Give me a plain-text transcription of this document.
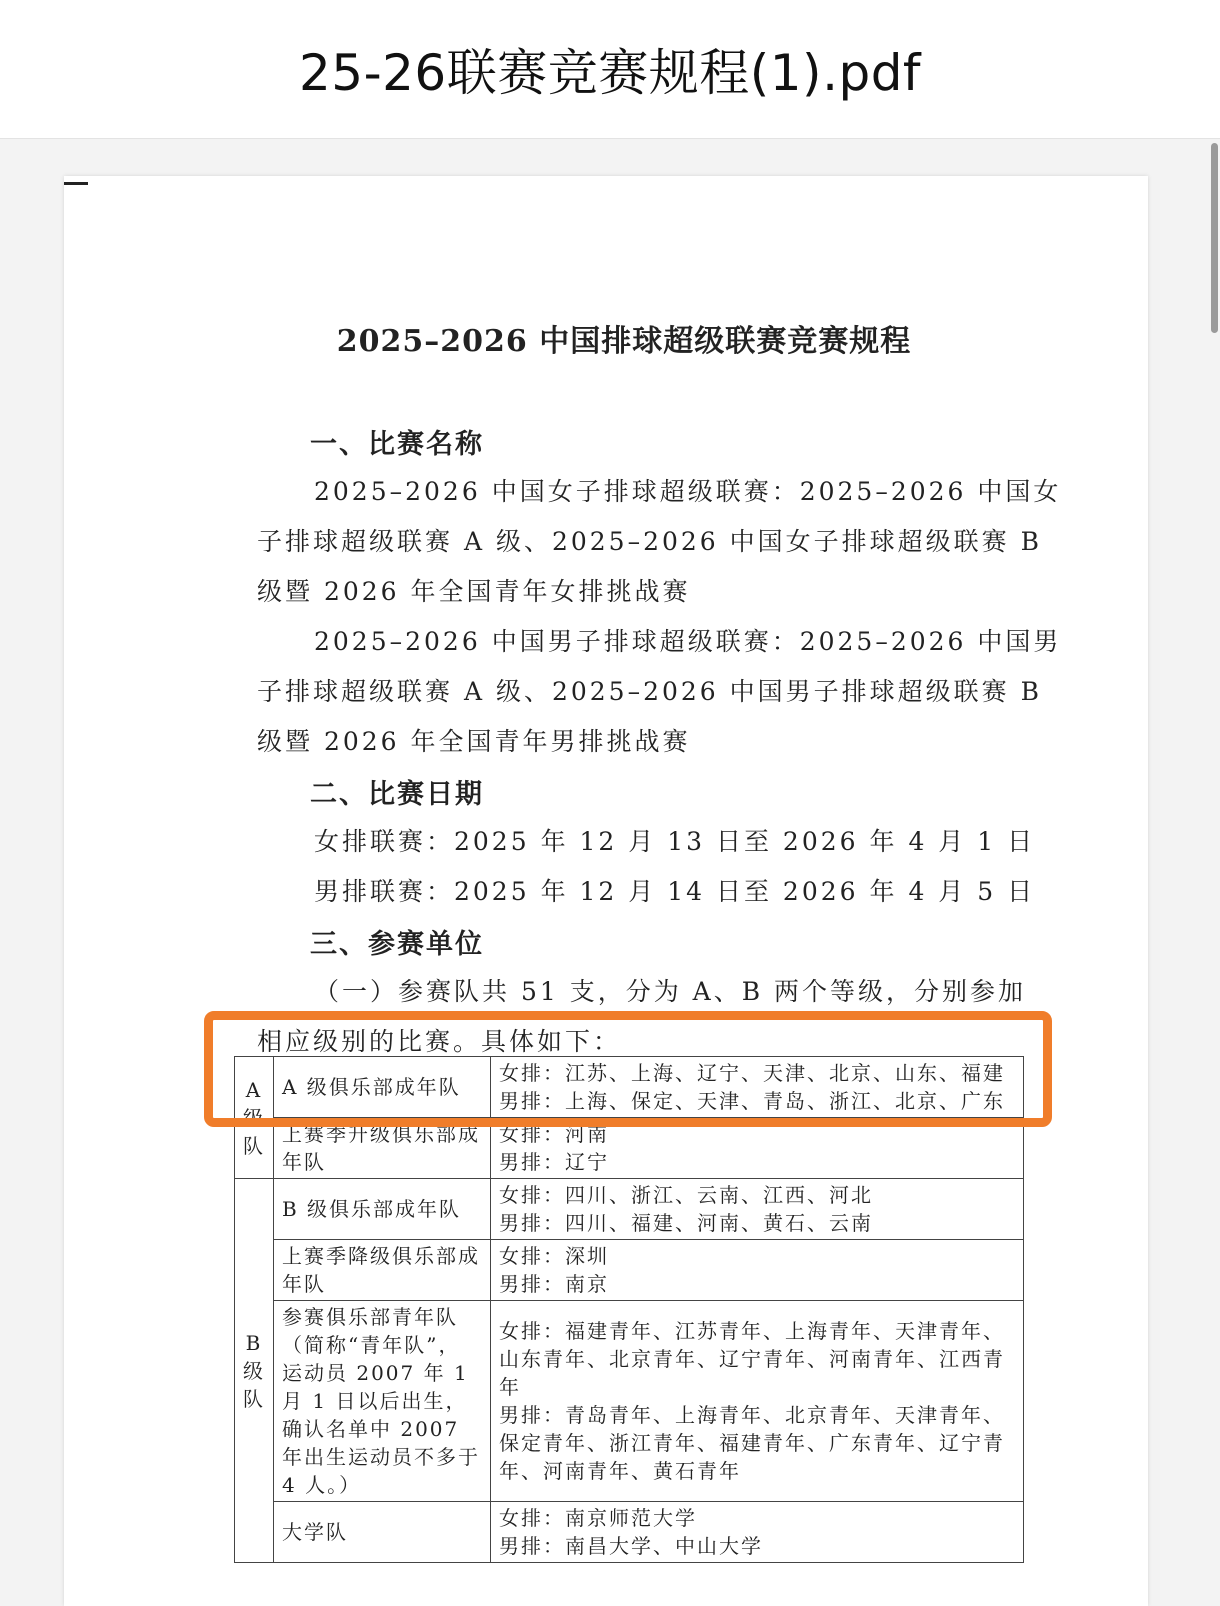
25-26联赛竞赛规程(1).pdf
2025–2026 中国排球超级联赛竞赛规程
一、比赛名称
2025–2026 中国女子排球超级联赛：2025–2026 中国女
子排球超级联赛 A 级、2025–2026 中国女子排球超级联赛 B
级暨 2026 年全国青年女排挑战赛
2025–2026 中国男子排球超级联赛：2025–2026 中国男
子排球超级联赛 A 级、2025–2026 中国男子排球超级联赛 B
级暨 2026 年全国青年男排挑战赛
二、比赛日期
女排联赛：2025 年 12 月 13 日至 2026 年 4 月 1 日
男排联赛：2025 年 12 月 14 日至 2026 年 4 月 5 日
三、参赛单位
（一）参赛队共 51 支，分为 A、B 两个等级，分别参加
相应级别的比赛。具体如下：
A级队	A 级俱乐部成年队	女排：江苏、上海、辽宁、天津、北京、山东、福建
男排：上海、保定、天津、青岛、浙江、北京、广东

	上赛季升级俱乐部成年队	女排：河南
男排：辽宁

B级队	B 级俱乐部成年队	女排：四川、浙江、云南、江西、河北
男排：四川、福建、河南、黄石、云南

	上赛季降级俱乐部成年队	女排：深圳
男排：南京

	参赛俱乐部青年队（简称“青年队”，运动员 2007 年 1 月 1 日以后出生，确认名单中 2007 年出生运动员不多于 4 人。）	女排：福建青年、江苏青年、上海青年、天津青年、山东青年、北京青年、辽宁青年、河南青年、江西青年
男排：青岛青年、上海青年、北京青年、天津青年、保定青年、浙江青年、福建青年、广东青年、辽宁青年、河南青年、黄石青年
	大学队	女排：南京师范大学
男排：南昌大学、中山大学
